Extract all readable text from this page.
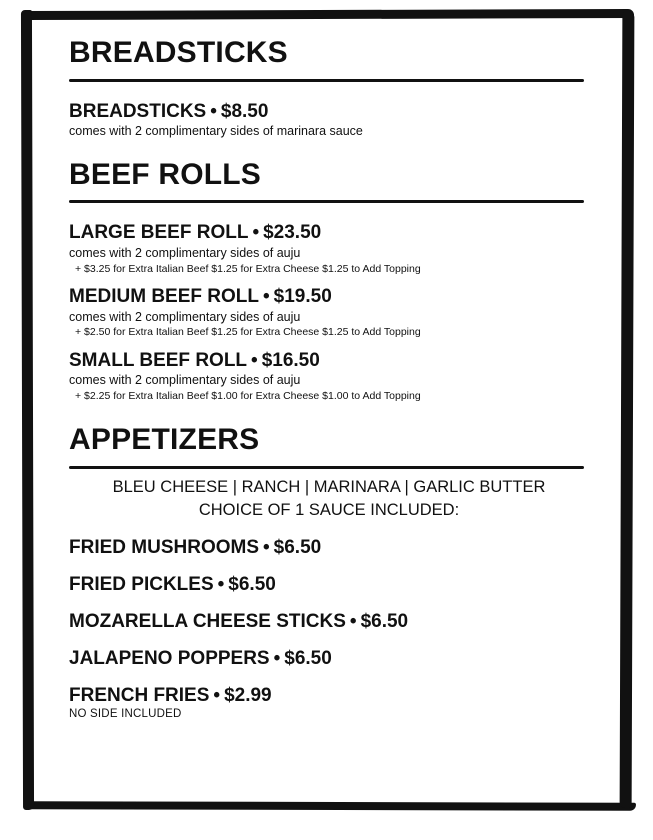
BREADSTICKS

BREADSTICKS • $8.50

comes with 2 complimentary sides of marinara sauce

BEEF ROLLS

LARGE BEEF ROLL • $23.50

comes with 2 complimentary sides of auju

+ $3.25 for Extra Italian Beef $1.25 for Extra Cheese $1.25 to Add Topping

MEDIUM BEEF ROLL • $19.50

comes with 2 complimentary sides of auju

+ $2.50 for Extra Italian Beef $1.25 for Extra Cheese $1.25 to Add Topping

SMALL BEEF ROLL • $16.50

comes with 2 complimentary sides of auju

+ $2.25 for Extra Italian Beef $1.00 for Extra Cheese $1.00 to Add Topping

APPETIZERS

BLEU CHEESE | RANCH | MARINARA | GARLIC BUTTER

CHOICE OF 1 SAUCE INCLUDED:

FRIED MUSHROOMS • $6.50

FRIED PICKLES • $6.50

MOZARELLA CHEESE STICKS • $6.50

JALAPENO POPPERS • $6.50

FRENCH FRIES • $2.99

NO SIDE INCLUDED
